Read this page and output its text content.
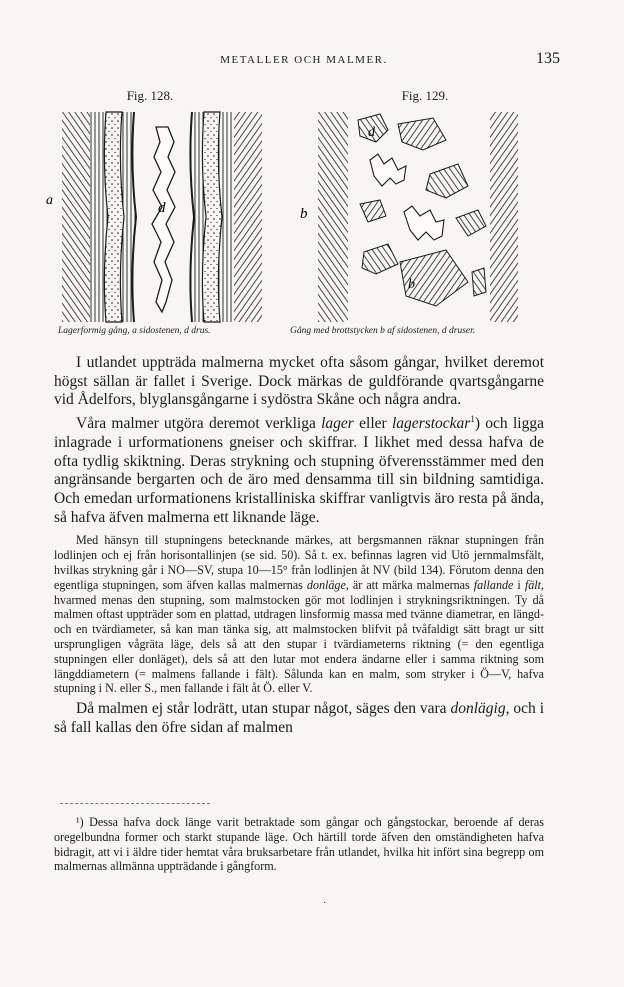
METALLER OCH MALMER.	135
Fig. 128.
a	d
Lagerformig gång, a sidostenen, d drus.
Fig. 129.
d
b
b
Gång med brottstycken b af sidostenen, d druser.

I utlandet uppträda malmerna mycket ofta såsom gångar, hvilket deremot högst sällan är fallet i Sverige. Dock märkas de guldförande qvartsgångarne vid Ådelfors, blyglansgångarne i sydöstra Skåne och några andra.

Våra malmer utgöra deremot verkliga lager eller lagerstockar$^1$) och ligga inlagrade i urformationens gneiser och skiffrar. I likhet med dessa hafva de ofta tydlig skiktning. Deras strykning och stupning öfverensstämmer med den angränsande bergarten och de äro med densamma till sin bildning samtidiga. Och emedan urformationens kristalliniska skiffrar vanligtvis äro resta på ända, så hafva äfven malmerna ett liknande läge.

Med hänsyn till stupningens betecknande märkes, att bergsmannen räknar stupningen från lodlinjen och ej från horisontallinjen (se sid. 50). Så t. ex. befinnas lagren vid Utö jernmalmsfält, hvilkas strykning går i NO—SV, stupa 10—15° från lodlinjen åt NV (bild 134). Förutom denna den egentliga stupningen, som äfven kallas malmernas donläge, är att märka malmernas fallande i fält, hvarmed menas den stupning, som malmstocken gör mot lodlinjen i strykningsriktningen. Ty då malmen oftast uppträder som en plattad, utdragen linsformig massa med tvänne diametrar, en längd- och en tvärdiameter, så kan man tänka sig, att malmstocken blifvit på tvåfaldigt sätt bragt ur sitt ursprungligen vågräta läge, dels så att den stupar i tvärdiameterns riktning (= den egentliga stupningen eller donläget), dels så att den lutar mot endera ändarne eller i samma riktning som längddiametern (= malmens fallande i fält). Sålunda kan en malm, som stryker i Ö—V, hafva stupning i N. eller S., men fallande i fält åt Ö. eller V.

Då malmen ej står lodrätt, utan stupar något, säges den vara donlägig, och i så fall kallas den öfre sidan af malmen

¹) Dessa hafva dock länge varit betraktade som gångar och gångstockar, beroende af deras oregelbundna former och starkt stupande läge. Och härtill torde äfven den omständigheten hafva bidragit, att vi i äldre tider hemtat våra bruksarbetare från utlandet, hvilka hit infört sina begrepp om malmernas allmänna uppträdande i gångform.

·
